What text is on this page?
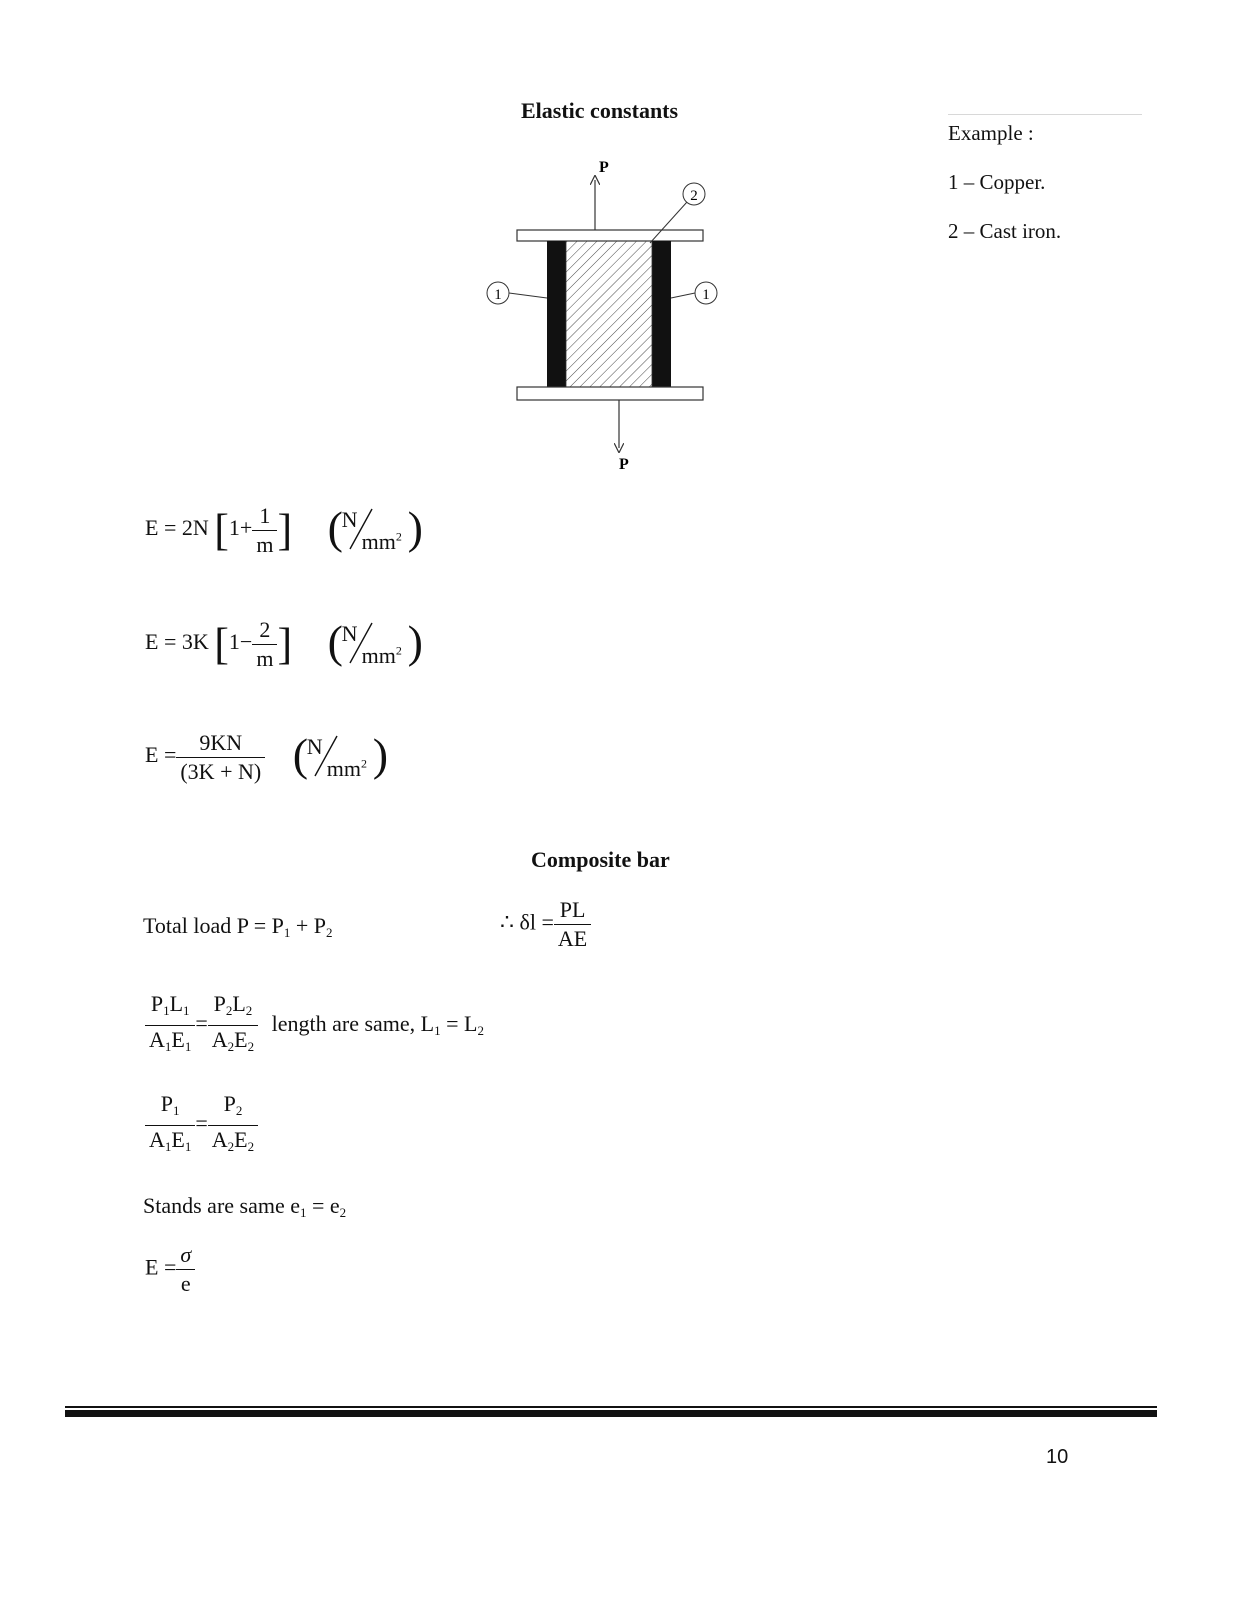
Elastic constants
Example :
1 – Copper.
2 – Cast iron.
P
P
2
1	1
E = 2N [$1+ \frac{1}{m}$ ] (
N
$mm^2$ )
E = 3K [$1- \frac{2}{m}$ ] (
N
$mm^2$ )
$E = \frac{9KN}{(3K + N)}$
(
N
$mm^2$ )
Composite bar
Total load $P = P_1 + P_2$	∴ $\delta l = \frac{PL}{AE}$
$\frac{P_1L_1}{A_1E_1} = \frac{P_2L_2}{A_2E_2}$ length are same, $L_1 = L_2$
$\frac{P_1}{A_1E_1} = \frac{P_2}{A_2E_2}$
Stands are same $e_1 = e_2$
$E = \frac{\sigma}{e}$
10
